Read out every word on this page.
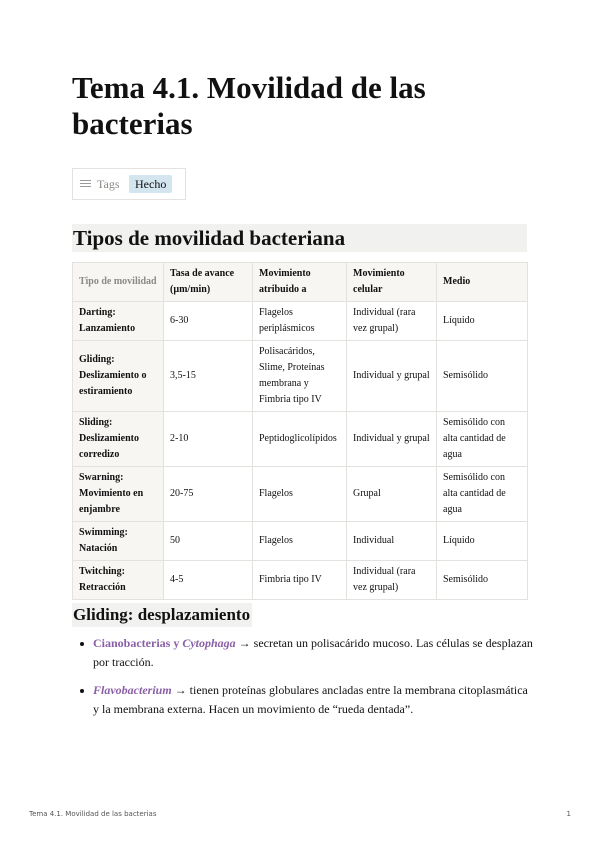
Tema 4.1. Movilidad de las bacterias
Tags	Hecho
Tipos de movilidad bacteriana
Tipo de movilidad	Tasa de avance (µm/min)	Movimiento atribuido a	Movimiento celular	Medio
Darting: Lanzamiento	6-30	Flagelos periplásmicos	Individual (rara vez grupal)	Líquido
Gliding: Deslizamiento o estiramiento	3,5-15	Polisacáridos, Slime, Proteínas membrana y Fimbria tipo IV	Individual y grupal	Semisólido
Sliding: Deslizamiento corredizo	2-10	Peptidoglicolípidos	Individual y grupal	Semisólido con alta cantidad de agua
Swarning: Movimiento en enjambre	20-75	Flagelos	Grupal	Semisólido con alta cantidad de agua
Swimming: Natación	50	Flagelos	Individual	Líquido
Twitching: Retracción	4-5	Fimbria tipo IV	Individual (rara vez grupal)	Semisólido
Gliding: desplazamiento
Cianobacterias y Cytophaga → secretan un polisacárido mucoso. Las células se desplazan por tracción.
Flavobacterium → tienen proteínas globulares ancladas entre la membrana citoplasmática y la membrana externa. Hacen un movimiento de “rueda dentada”.
Tema 4.1. Movilidad de las bacterias	1
